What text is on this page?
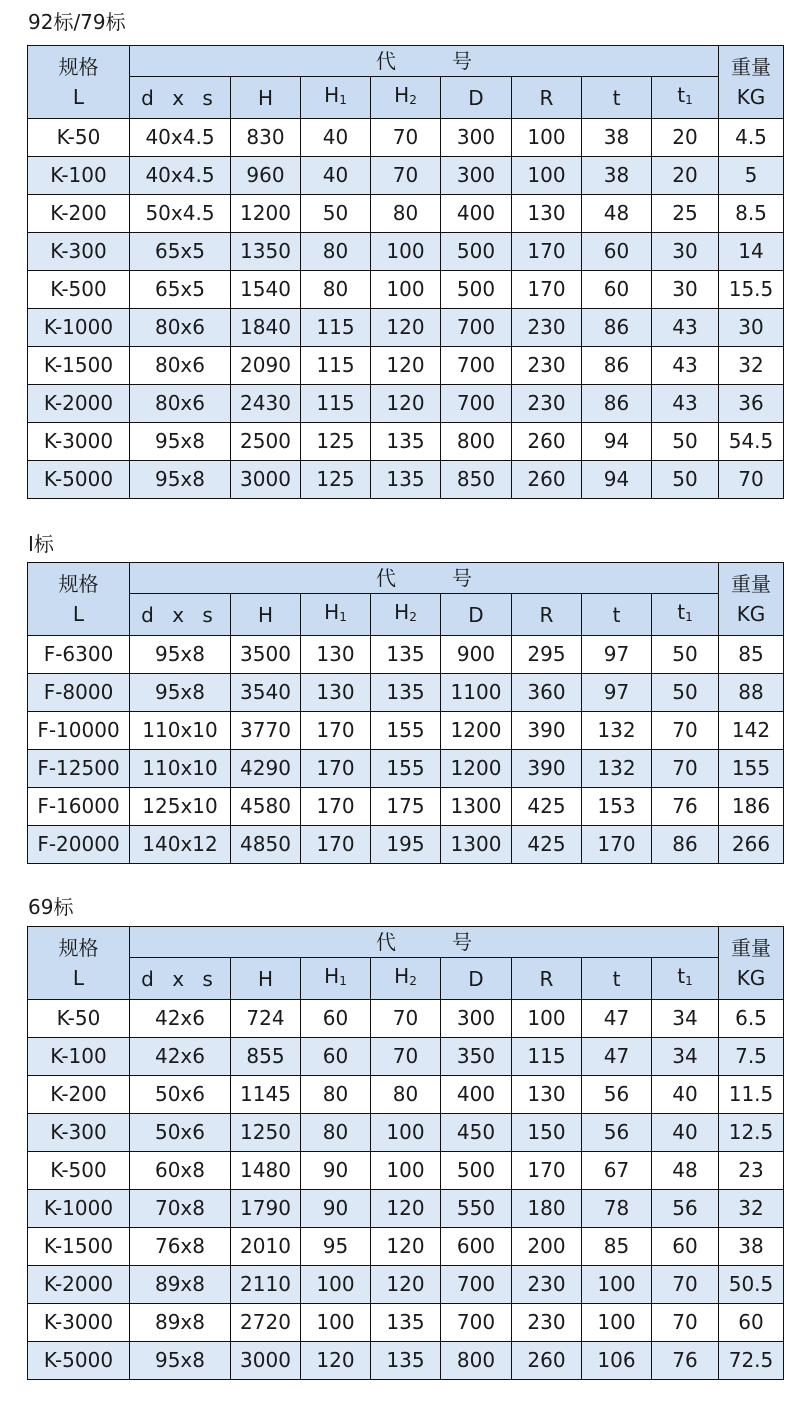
92标/79标
规格
L	代 号								重量
KG
	d x s	H	H1	H2	D	R	t	t1	
K-50	40x4.5	830	40	70	300	100	38	20	4.5
K-100	40x4.5	960	40	70	300	100	38	20	5
K-200	50x4.5	1200	50	80	400	130	48	25	8.5
K-300	65x5	1350	80	100	500	170	60	30	14
K-500	65x5	1540	80	100	500	170	60	30	15.5
K-1000	80x6	1840	115	120	700	230	86	43	30
K-1500	80x6	2090	115	120	700	230	86	43	32
K-2000	80x6	2430	115	120	700	230	86	43	36
K-3000	95x8	2500	125	135	800	260	94	50	54.5
K-5000	95x8	3000	125	135	850	260	94	50	70
I标
规格
L	代 号								重量
KG
	d x s	H	H1	H2	D	R	t	t1	
F-6300	95x8	3500	130	135	900	295	97	50	85
F-8000	95x8	3540	130	135	1100	360	97	50	88
F-10000	110x10	3770	170	155	1200	390	132	70	142
F-12500	110x10	4290	170	155	1200	390	132	70	155
F-16000	125x10	4580	170	175	1300	425	153	76	186
F-20000	140x12	4850	170	195	1300	425	170	86	266
69标
规格
L	代 号								重量
KG
	d x s	H	H1	H2	D	R	t	t1	
K-50	42x6	724	60	70	300	100	47	34	6.5
K-100	42x6	855	60	70	350	115	47	34	7.5
K-200	50x6	1145	80	80	400	130	56	40	11.5
K-300	50x6	1250	80	100	450	150	56	40	12.5
K-500	60x8	1480	90	100	500	170	67	48	23
K-1000	70x8	1790	90	120	550	180	78	56	32
K-1500	76x8	2010	95	120	600	200	85	60	38
K-2000	89x8	2110	100	120	700	230	100	70	50.5
K-3000	89x8	2720	100	135	700	230	100	70	60
K-5000	95x8	3000	120	135	800	260	106	76	72.5
